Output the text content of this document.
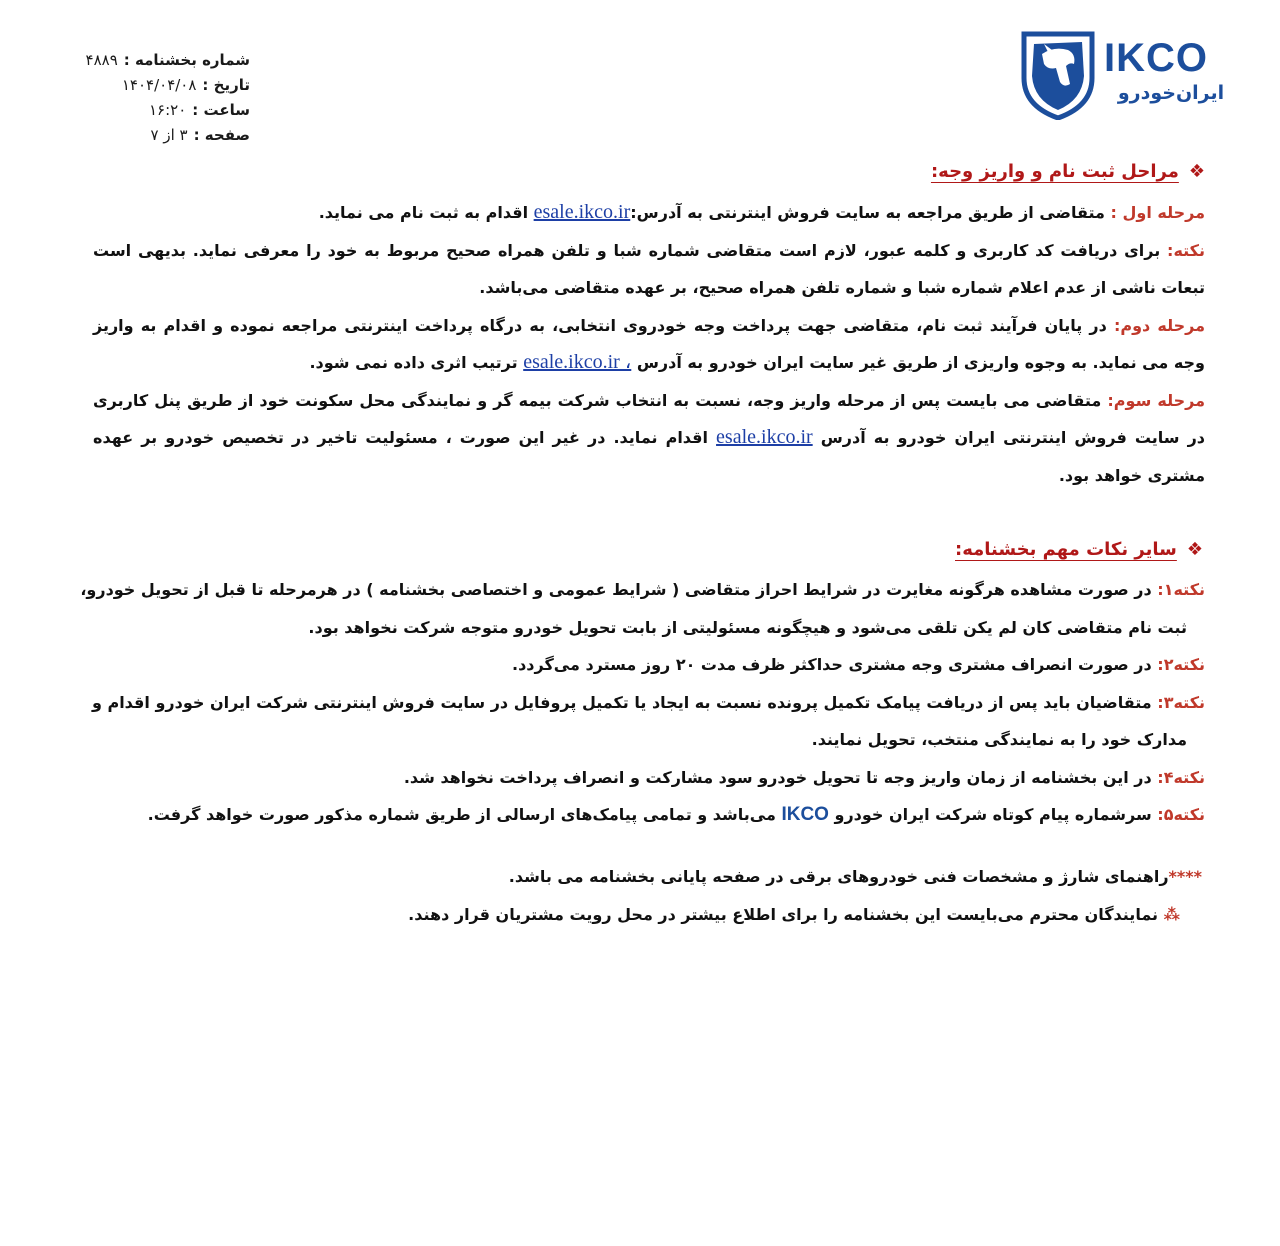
شماره بخشنامه :۴۸۸۹
تاریخ :۱۴۰۴/۰۴/۰۸
ساعت :۱۶:۲۰
صفحه :۳ از ۷
IKCO
ایران‌خودرو
❖
مراحل ثبت نام و واریز وجه:

مرحله اول : متقاضی از طریق مراجعه به سایت فروش اینترنتی به آدرس:esale.ikco.ir اقدام به ثبت نام می نماید.

نکته: برای دریافت کد کاربری و کلمه عبور، لازم است متقاضی شماره شبا و تلفن همراه صحیح مربوط به خود را معرفی نماید. بدیهی است تبعات ناشی از عدم اعلام شماره شبا و شماره تلفن همراه صحیح، بر عهده متقاضی می‌باشد.

مرحله دوم: در پایان فرآیند ثبت نام، متقاضی جهت پرداخت وجه خودروی انتخابی، به درگاه پرداخت اینترنتی مراجعه نموده و اقدام به واریز وجه می نماید. به وجوه واریزی از طریق غیر سایت ایران خودرو به آدرس esale.ikco.ir ، ترتیب اثری داده نمی شود.

مرحله سوم: متقاضی می بایست پس از مرحله واریز وجه، نسبت به انتخاب شرکت بیمه گر و نمایندگی محل سکونت خود از طریق پنل کاربری در سایت فروش اینترنتی ایران خودرو به آدرس esale.ikco.ir اقدام نماید. در غیر این صورت ، مسئولیت تاخیر در تخصیص خودرو بر عهده مشتری خواهد بود.

❖
سایر نکات مهم بخشنامه:

نکته۱: در صورت مشاهده هرگونه مغایرت در شرایط احراز متقاضی ( شرایط عمومی و اختصاصی بخشنامه ) در هرمرحله تا قبل از تحویل خودرو،

ثبت نام متقاضی کان لم یکن تلقی می‌شود و هیچگونه مسئولیتی از بابت تحویل خودرو متوجه شرکت نخواهد بود.

نکته۲: در صورت انصراف مشتری وجه مشتری حداکثر ظرف مدت ۲۰ روز مسترد می‌گردد.

نکته۳: متقاضیان باید پس از دریافت پیامک تکمیل پرونده نسبت به ایجاد یا تکمیل پروفایل در سایت فروش اینترنتی شرکت ایران خودرو اقدام و

مدارک خود را به نمایندگی منتخب، تحویل نمایند.

نکته۴: در این بخشنامه از زمان واریز وجه تا تحویل خودرو سود مشارکت و انصراف پرداخت نخواهد شد.

نکته۵: سرشماره پیام کوتاه شرکت ایران خودرو IKCO می‌باشد و تمامی پیامک‌های ارسالی از طریق شماره مذکور صورت خواهد گرفت.

****راهنمای شارژ و مشخصات فنی خودروهای برقی در صفحه پایانی بخشنامه می باشد.

⁂ نمایندگان محترم می‌بایست این بخشنامه را برای اطلاع بیشتر در محل رویت مشتریان قرار دهند.
